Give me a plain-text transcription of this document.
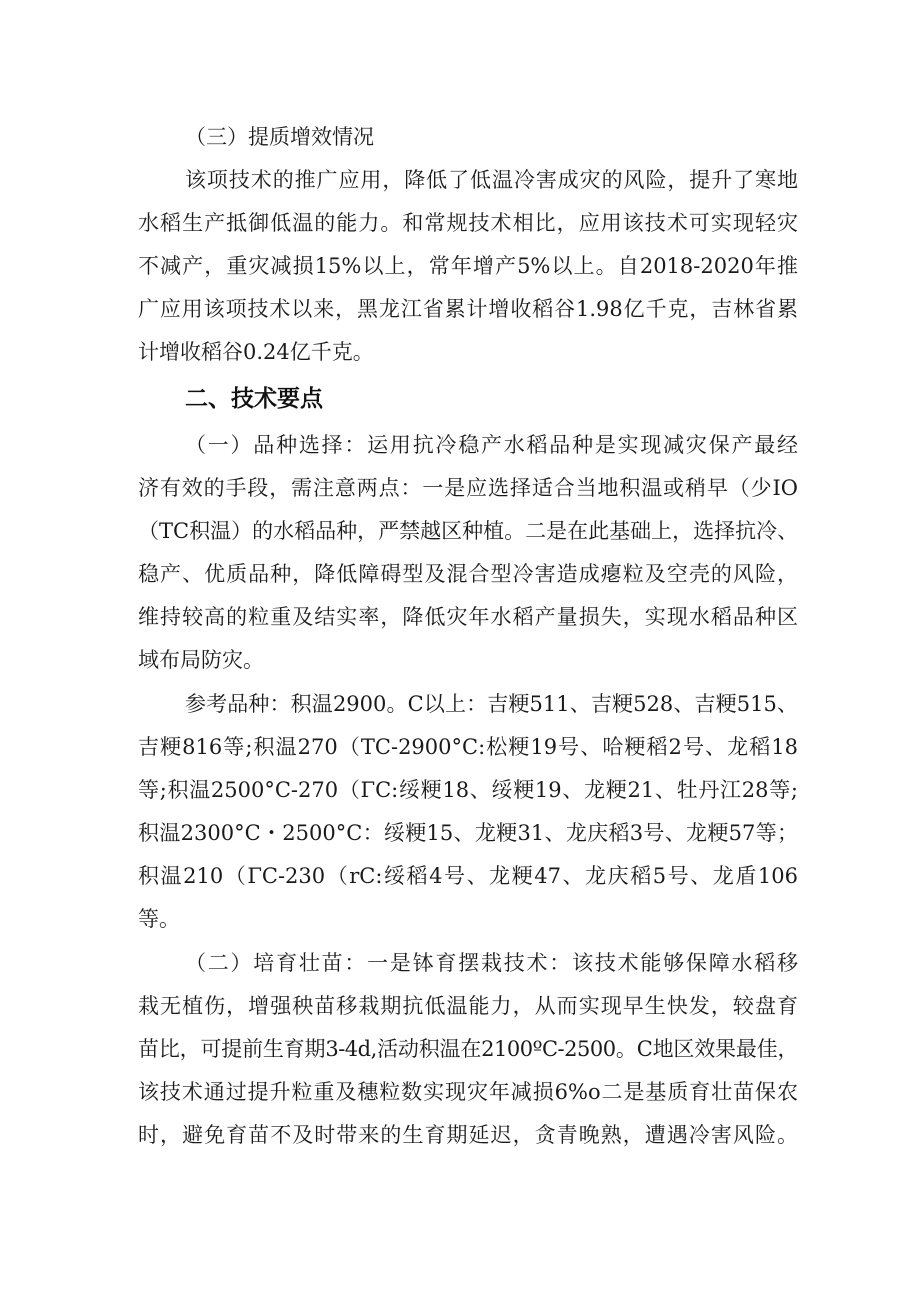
（三）提质增效情况
该项技术的推广应用，降低了低温冷害成灾的风险，提升了寒地
水稻生产抵御低温的能力。和常规技术相比，应用该技术可实现轻灾
不减产，重灾减损15%以上，常年增产5%以上。自2018-2020年推
广应用该项技术以来，黑龙江省累计增收稻谷1.98亿千克，吉林省累
计增收稻谷0.24亿千克。
二、技术要点
（一）品种选择：运用抗冷稳产水稻品种是实现减灾保产最经
济有效的手段，需注意两点：一是应选择适合当地积温或稍早（少IO
（TC积温）的水稻品种，严禁越区种植。二是在此基础上，选择抗冷、
稳产、优质品种，降低障碍型及混合型冷害造成瘪粒及空壳的风险，
维持较高的粒重及结实率，降低灾年水稻产量损失，实现水稻品种区
域布局防灾。
参考品种：积温2900。C以上：吉粳511、吉粳528、吉粳515、
吉粳816等;积温270（TC-2900°C:松粳19号、哈粳稻2号、龙稻18
等;积温2500°C-270（ΓC:绥粳18、绥粳19、龙粳21、牡丹江28等;
积温2300°C・2500°C：绥粳15、龙粳31、龙庆稻3号、龙粳57等；
积温210（ΓC-230（rC:绥稻4号、龙粳47、龙庆稻5号、龙盾106
等。
（二）培育壮苗：一是钵育摆栽技术：该技术能够保障水稻移
栽无植伤，增强秧苗移栽期抗低温能力，从而实现早生快发，较盘育
苗比，可提前生育期3-4d,活动积温在2100ºC-2500。C地区效果最佳，
该技术通过提升粒重及穗粒数实现灾年减损6%o二是基质育壮苗保农
时，避免育苗不及时带来的生育期延迟，贪青晚熟，遭遇冷害风险。
